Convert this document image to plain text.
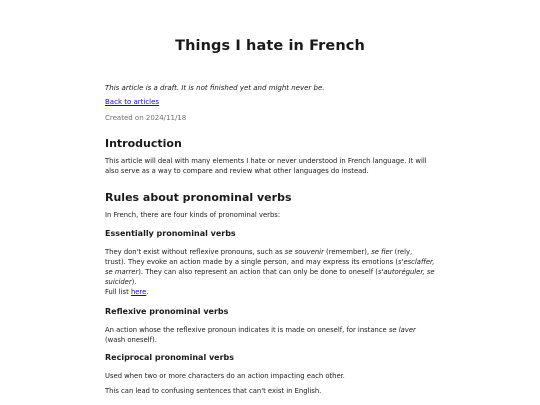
Things I hate in French

This article is a draft. It is not finished yet and might never be.

Back to articles

Created on 2024/11/18

Introduction

This article will deal with many elements I hate or never understood in French language. It will also serve as a way to compare and review what other languages do instead.

Rules about pronominal verbs

In French, there are four kinds of pronominal verbs:

Essentially pronominal verbs

They don't exist without reflexive pronouns, such as se souvenir (remember), se fier (rely, trust). They evoke an action made by a single person, and may express its emotions (s'esclaffer, se marrer). They can also represent an action that can only be done to oneself (s'autoréguler, se suicider).

Full list here.

Reflexive pronominal verbs

An action whose the reflexive pronoun indicates it is made on oneself, for instance se laver (wash oneself).

Reciprocal pronominal verbs

Used when two or more characters do an action impacting each other.

This can lead to confusing sentences that can't exist in English.
